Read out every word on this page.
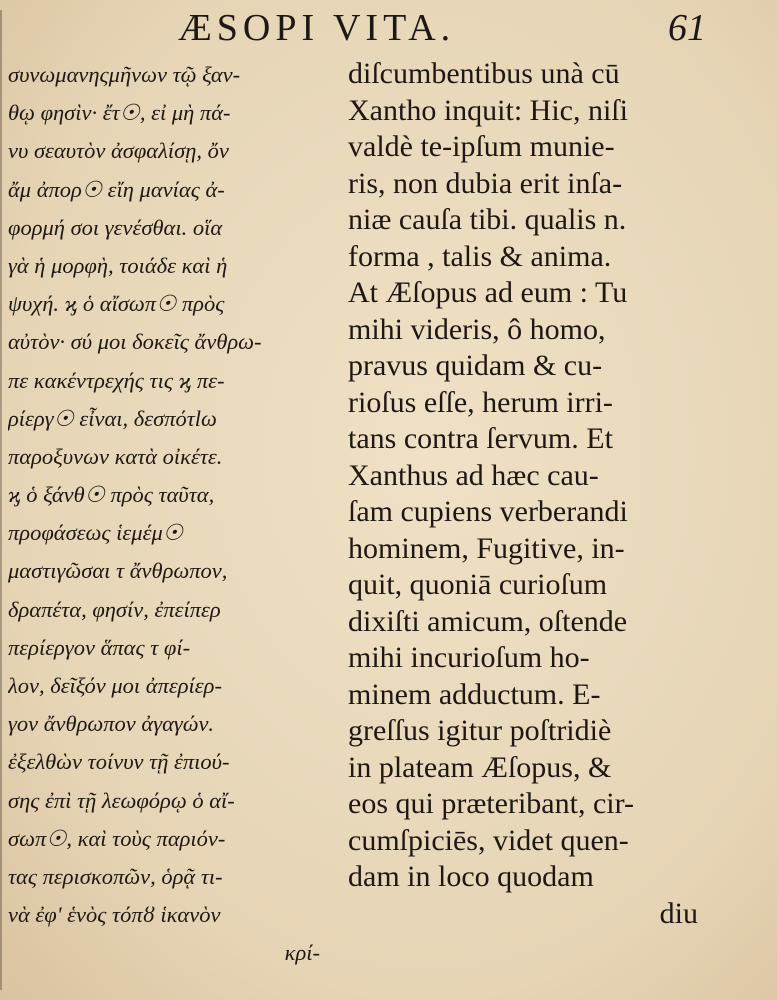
ÆSOPI VITA.	61
συνωμανηςμῆνων τῷ ξαν-
θῳ φησὶν· ἔτ☉, εἰ μὴ πά-
νυ σεαυτὸν ἀσφαλίσῃ, ὄν
ἄμ ἀπορ☉ εἴη μανίας ἀ-
φορμή σοι γενέσθαι. οἵα
γὰ ἡ μορφὴ, τοιάδε καὶ ἡ
ψυχή. ϗ ὁ αἴσωπ☉ πρὸς
αὐτὸν· σύ μοι δοκεῖς ἄνθρω-
πε κακέντρεχής τις ϗ πε-
ρίεργ☉ εἶναι, δεσπότlω
παροξυνων κατὰ οἰκέτε.
ϗ ὁ ξάνθ☉ πρὸς ταῦτα,
προφάσεως ἱεμέμ☉
μαστιγῶσαι τ ἄνθρωπον,
δραπέτα, φησίν, ἐπείπερ
περίεργον ἅπας τ φί-
λον, δεῖξόν μοι ἀπερίερ-
γον ἄνθρωπον ἀγαγών.
ἐξελθὼν τοίνυν τῇ ἐπιού-
σης ἐπὶ τῇ λεωφόρῳ ὁ αἴ-
σωπ☉, καὶ τοὺς παριόν-
τας περισκοπῶν, ὁρᾷ τι-
νὰ ἐφ' ἑνὸς τόπȣ ἱκανὸν
κρί-
diſcumbentibus unà cū
Xantho inquit: Hic, niſi
valdè te-ipſum munie-
ris, non dubia erit inſa-
niæ cauſa tibi. qualis n.
forma , talis & anima.
At Æſopus ad eum : Tu
mihi videris, ô homo,
pravus quidam & cu-
rioſus eſſe, herum irri-
tans contra ſervum. Et
Xanthus ad hæc cau-
ſam cupiens verberandi
hominem, Fugitive, in-
quit, quoniā curioſum
dixiſti amicum, oſtende
mihi incurioſum ho-
minem adductum. E-
greſſus igitur poſtridiè
in plateam Æſopus, &
eos qui præteribant, cir-
cumſpiciēs, videt quen-
dam in loco quodam
diu
